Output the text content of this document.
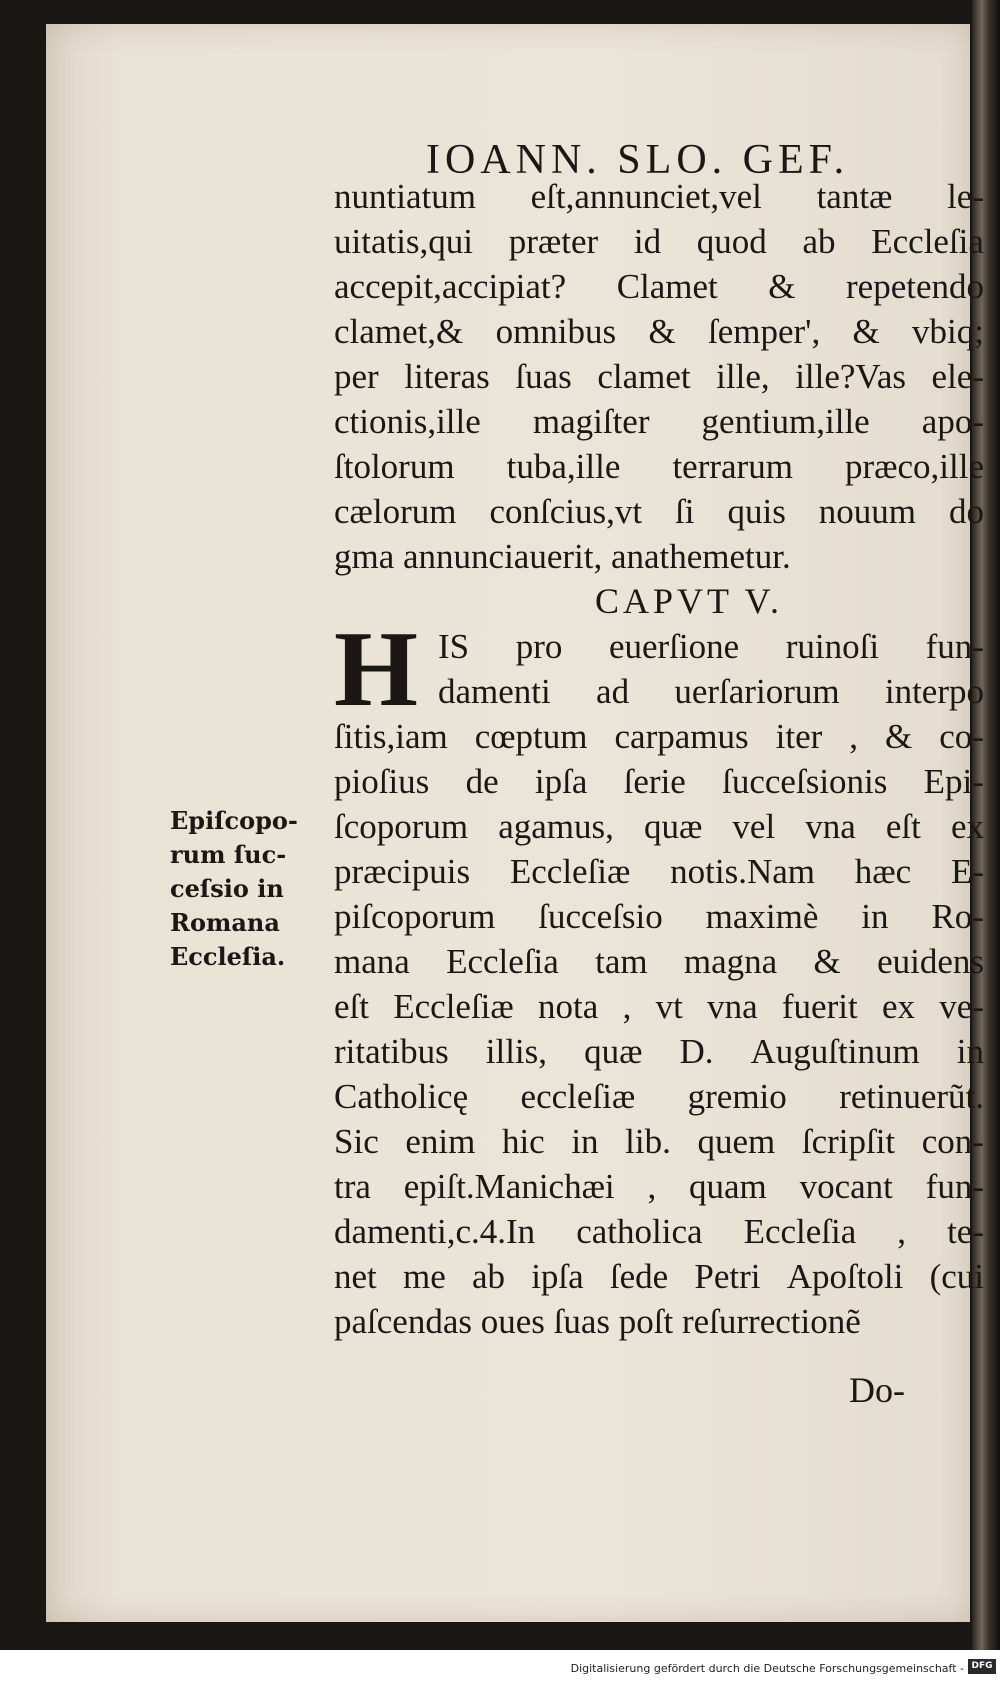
IOANN. SLO. GEF.
nuntiatum eſt,annunciet,vel tantæ le-
uitatis,qui præter id quod ab Eccleſia
accepit,accipiat? Clamet & repetendo
clamet,& omnibus & ſemper', & vbiq;
per literas ſuas clamet ille, ille?Vas ele-
ctionis,ille magiſter gentium,ille apo-
ſtolorum tuba,ille terrarum præco,ille
cælorum conſcius,vt ſi quis nouum do
gma annunciauerit, anathemetur.
CAPVT V.
H IS pro euerſione ruinoſi fun-
damenti ad uerſariorum interpo
ſitis,iam cœptum carpamus iter , & co-
pioſius de ipſa ſerie ſucceſsionis Epi-
ſcoporum agamus, quæ vel vna eſt ex
præcipuis Eccleſiæ notis.Nam hæc E-
piſcoporum ſucceſsio maximè in Ro-
mana Eccleſia tam magna & euidens
eſt Eccleſiæ nota , vt vna fuerit ex ve-
ritatibus illis, quæ D. Auguſtinum in
Catholicę eccleſiæ gremio retinuerũt.
Sic enim hic in lib. quem ſcripſit con-
tra epiſt.Manichæi , quam vocant fun-
damenti,c.4.In catholica Eccleſia , te-
net me ab ipſa ſede Petri Apoſtoli (cui
paſcendas oues ſuas poſt reſurrectionẽ
Epiſcopo-
rum ſuc-
ceſsio in
Romana
Eccleſia.
Do-
Digitalisierung gefördert durch die Deutsche Forschungsgemeinschaft - DFG
